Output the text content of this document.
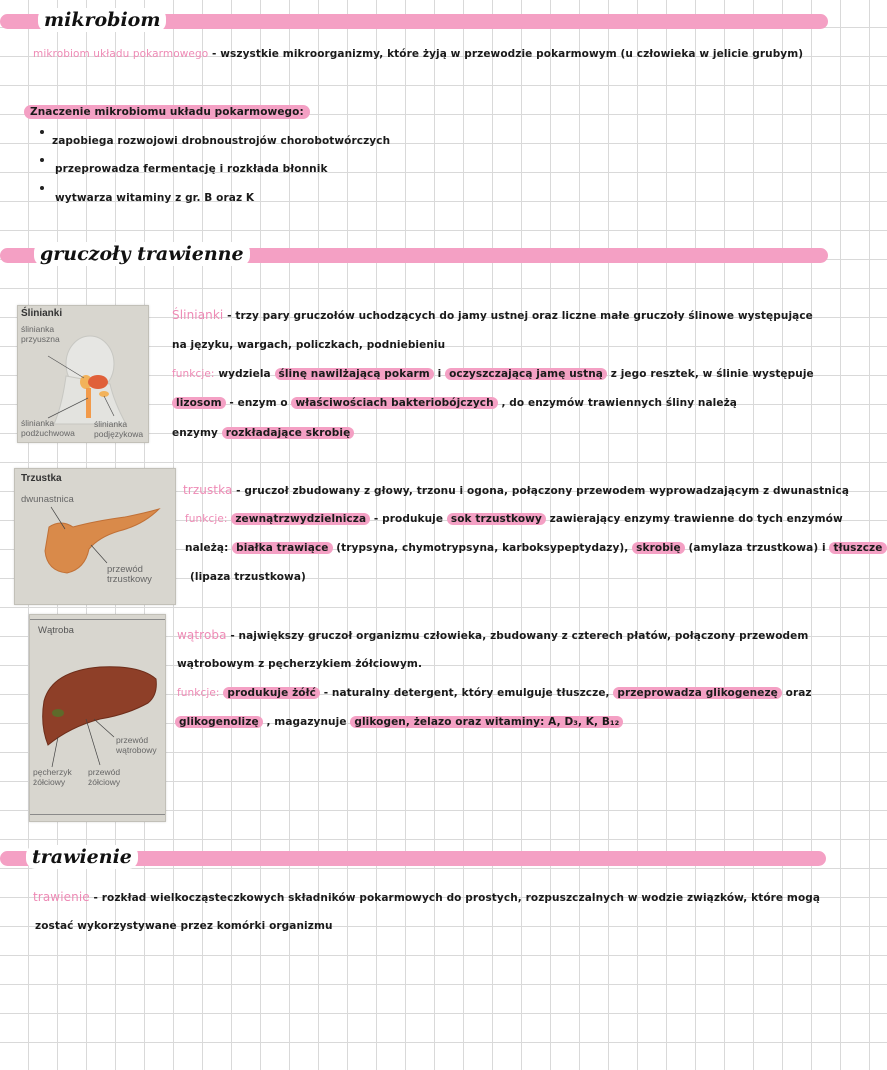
mikrobiom
mikrobiom układu pokarmowego - wszystkie mikroorganizmy, które żyją w przewodzie pokarmowym (u człowieka w jelicie grubym)
Znaczenie mikrobiomu układu pokarmowego:
zapobiega rozwojowi drobnoustrojów chorobotwórczych
przeprowadza fermentację i rozkłada błonnik
wytwarza witaminy z gr. B oraz K
gruczoły trawienne
Ślinianki
ślinianka przyuszna
ślinianka podżuchwowa
ślinianka podjęzykowa
Ślinianki - trzy pary gruczołów uchodzących do jamy ustnej oraz liczne małe gruczoły ślinowe występujące
na języku, wargach, policzkach, podniebieniu
funkcje: wydziela ślinę nawilżającą pokarm i oczyszczającą jamę ustną z jego resztek, w ślinie występuje
lizosom - enzym o właściwościach bakteriobójczych , do enzymów trawiennych śliny należą
enzymy rozkładające skrobię
Trzustka
dwunastnica
przewód trzustkowy
trzustka - gruczoł zbudowany z głowy, trzonu i ogona, połączony przewodem wyprowadzającym z dwunastnicą
funkcje: zewnątrzwydzielnicza - produkuje sok trzustkowy zawierający enzymy trawienne do tych enzymów
należą: białka trawiące (trypsyna, chymotrypsyna, karboksypeptydazy), skrobię (amylaza trzustkowa) i tłuszcze
(lipaza trzustkowa)
Wątroba
przewód wątrobowy
pęcherzyk żółciowy
przewód żółciowy
wątroba - największy gruczoł organizmu człowieka, zbudowany z czterech płatów, połączony przewodem
wątrobowym z pęcherzykiem żółciowym.
funkcje: produkuje żółć - naturalny detergent, który emulguje tłuszcze, przeprowadza glikogenezę oraz
glikogenolizę , magazynuje glikogen, żelazo oraz witaminy: A, D₃, K, B₁₂
trawienie
trawienie - rozkład wielkocząsteczkowych składników pokarmowych do prostych, rozpuszczalnych w wodzie związków, które mogą
zostać wykorzystywane przez komórki organizmu
